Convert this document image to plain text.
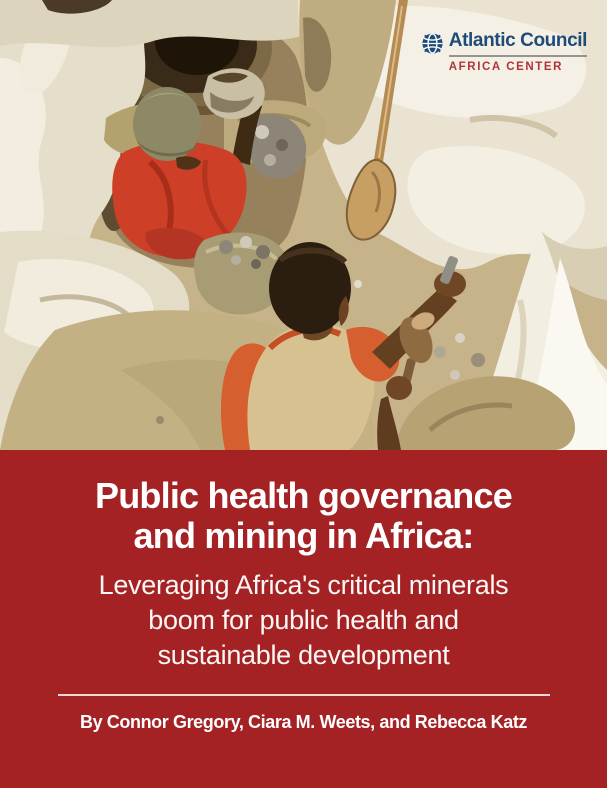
Atlantic Council
AFRICA CENTER
Public health governance
and mining in Africa:
Leveraging Africa's critical minerals
boom for public health and
sustainable development
By Connor Gregory, Ciara M. Weets, and Rebecca Katz
